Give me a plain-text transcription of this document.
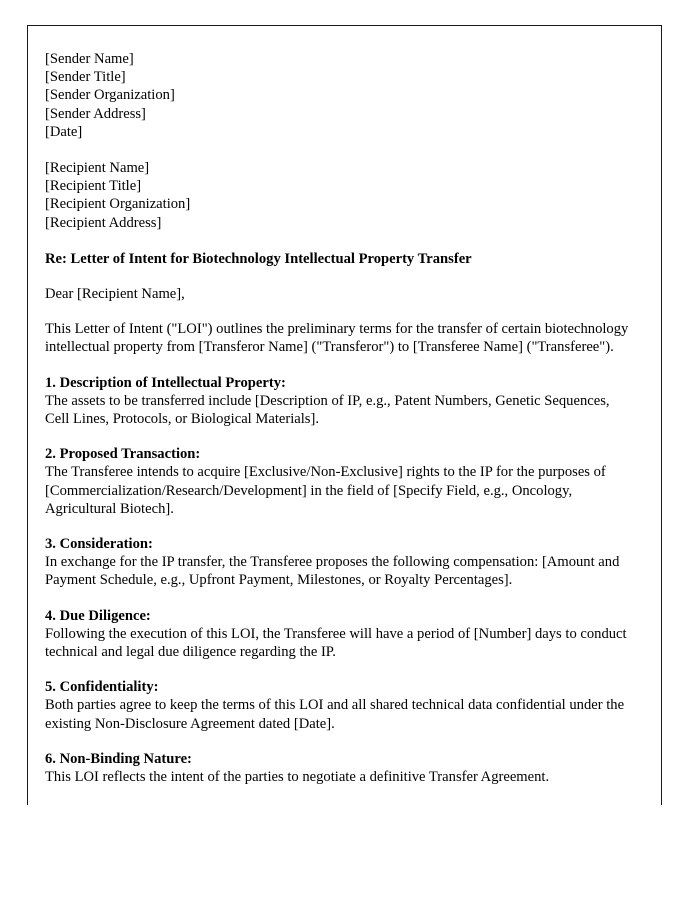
[Sender Name]
[Sender Title]
[Sender Organization]
[Sender Address]
[Date]
[Recipient Name]
[Recipient Title]
[Recipient Organization]
[Recipient Address]
Re: Letter of Intent for Biotechnology Intellectual Property Transfer
Dear [Recipient Name],
This Letter of Intent ("LOI") outlines the preliminary terms for the transfer of certain biotechnology intellectual property from [Transferor Name] ("Transferor") to [Transferee Name] ("Transferee").
1. Description of Intellectual Property:
The assets to be transferred include [Description of IP, e.g., Patent Numbers, Genetic Sequences, Cell Lines, Protocols, or Biological Materials].
2. Proposed Transaction:
The Transferee intends to acquire [Exclusive/Non-Exclusive] rights to the IP for the purposes of [Commercialization/Research/Development] in the field of [Specify Field, e.g., Oncology, Agricultural Biotech].
3. Consideration:
In exchange for the IP transfer, the Transferee proposes the following compensation: [Amount and Payment Schedule, e.g., Upfront Payment, Milestones, or Royalty Percentages].
4. Due Diligence:
Following the execution of this LOI, the Transferee will have a period of [Number] days to conduct technical and legal due diligence regarding the IP.
5. Confidentiality:
Both parties agree to keep the terms of this LOI and all shared technical data confidential under the existing Non-Disclosure Agreement dated [Date].
6. Non-Binding Nature:
This LOI reflects the intent of the parties to negotiate a definitive Transfer Agreement.
